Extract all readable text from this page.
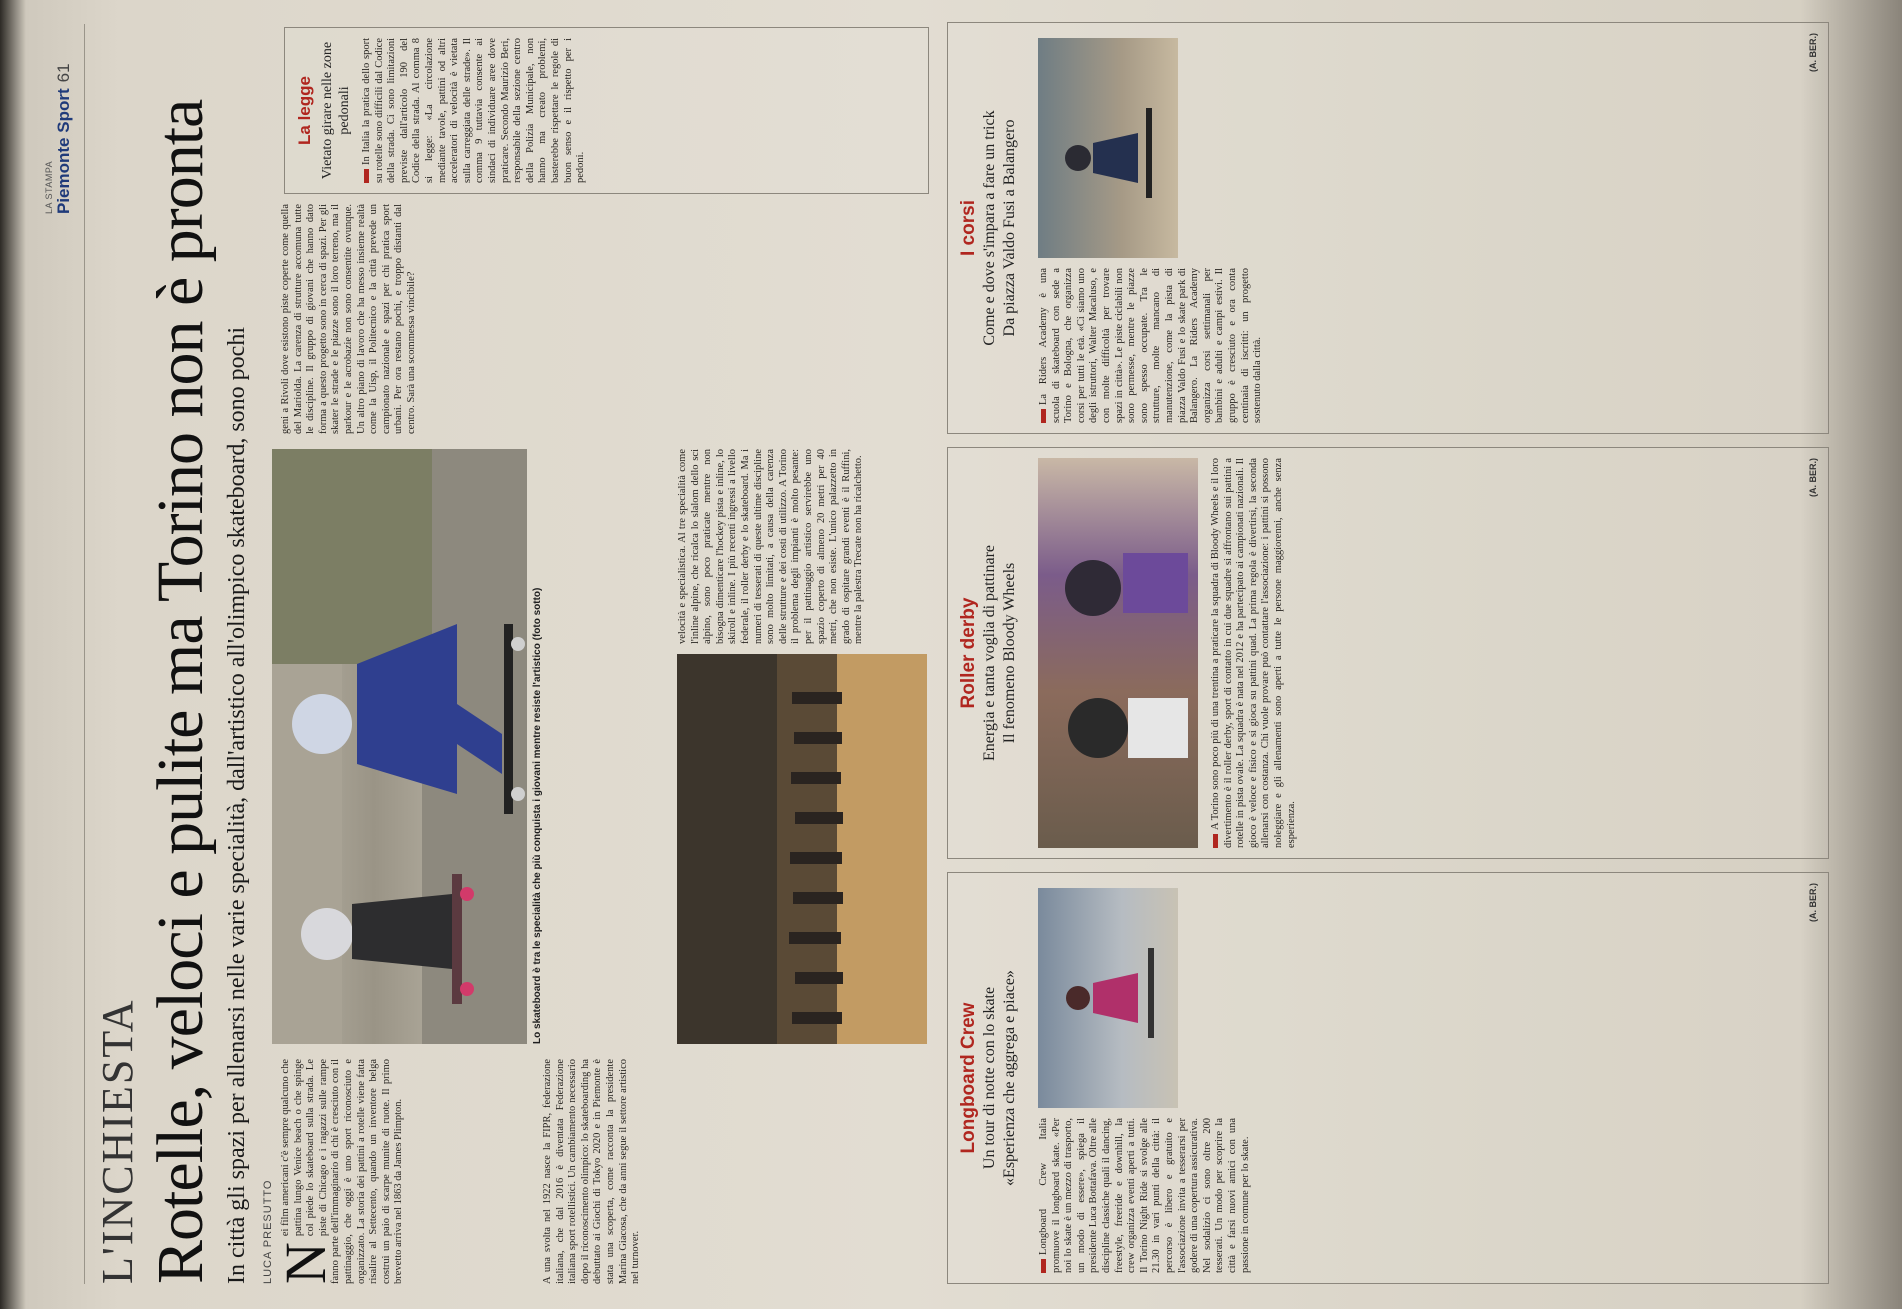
LA STAMPA Piemonte Sport61
L'INCHIESTA Rotelle, veloci e pulite ma Torino non è pronta In città gli spazi per allenarsi nelle varie specialità, dall'artistico all'olimpico skateboard, sono pochi LUCA PRESUTTO N
ei film americani c'è sempre qualcuno che pattina lungo Venice beach o che spinge col piede lo skateboard sulla strada. Le piste di Chicago e i ragazzi sulle rampe fanno parte dell'immaginario di chi è cresciuto con il pattinaggio, che oggi è uno sport riconosciuto e organizzato. La storia dei pattini a rotelle viene fatta risalire al Settecento, quando un inventore belga costruì un paio di scarpe munite di ruote. Il primo brevetto arriva nel 1863 da James Plimpton.	A una svolta nel 1922 nasce la FIPR, federazione italiana, che dal 2016 è diventata Federazione italiana sport rotellistici. Un cambiamento necessario dopo il riconoscimento olimpico: lo skateboarding ha debuttato ai Giochi di Tokyo 2020 e in Piemonte è stata una scoperta, come racconta la presidente Marina Giacosa, che da anni segue il settore artistico nel turnover.
Lo skateboard è tra le specialità che più conquista i giovani mentre resiste l'artistico (foto sotto)
velocità e specialistica. Al tre specialità come l'inline alpine, che ricalca lo slalom dello sci alpino, sono poco praticate mentre non bisogna dimenticare l'hockey pista e inline, lo skiroll e inline. I più recenti ingressi a livello federale, il roller derby e lo skateboard. Ma i numeri di tesserati di queste ultime discipline sono molto limitati, a causa della carenza delle strutture e dei costi di utilizzo. A Torino il problema degli impianti è molto pesante: per il pattinaggio artistico servirebbe uno spazio coperto di almeno 20 metri per 40 metri, che non esiste. L'unico palazzetto in grado di ospitare grandi eventi è il Ruffini, mentre la palestra Trecate non ha ricalchetto.
geni a Rivoli dove esistono piste coperte come quella del Mariolda. La carenza di strutture accomuna tutte le discipline. Il gruppo di giovani che hanno dato forma a questo progetto sono in cerca di spazi. Per gli skater le strade e le piazze sono il loro terreno, ma il parkour e le acrobazie non sono consentite ovunque. Un altro piano di lavoro che ha messo insieme realtà come la Uisp, il Politecnico e la città prevede un campionato nazionale e spazi per chi pratica sport urbani. Per ora restano pochi, e troppo distanti dal centro. Sarà una scommessa vincibile?
La legge Vietato girare nelle zone pedonali In Italia la pratica dello sport su rotelle sono difficili dal Codice della strada. Ci sono limitazioni previste dall'articolo 190 del Codice della strada. Al comma 8 si legge: «La circolazione mediante tavole, pattini od altri acceleratori di velocità è vietata sulla carreggiata delle strade». Il comma 9 tuttavia consente ai sindaci di individuare aree dove praticare. Secondo Maurizio Beri, responsabile della sezione centro della Polizia Municipale, non hanno ma creato problemi, basterebbe rispettare le regole di buon senso e il rispetto per i pedoni.
Longboard Crew Un tour di notte con lo skate «Esperienza che aggrega e piace»
Longboard Crew Italia promuove il longboard skate. «Per noi lo skate è un mezzo di trasporto, un modo di essere», spiega il presidente Luca Bottafava. Oltre alle discipline classiche quali il dancing, freestyle, freeride e downhill, la crew organizza eventi aperti a tutti. Il Torino Night Ride si svolge alle 21.30 in vari punti della città: il percorso è libero e gratuito e l'associazione invita a tesserarsi per godere di una copertura assicurativa. Nel sodalizio ci sono oltre 200 tesserati. Un modo per scoprire la città e farsi nuovi amici con una passione in comune per lo skate.
(A. BER.)
Roller derby Energia e tanta voglia di pattinare Il fenomeno Bloody Wheels	A Torino sono poco più di una trentina a praticare la squadra di Bloody Wheels e il loro divertimento è il roller derby, sport di contatto in cui due squadre si affrontano sui pattini a rotelle in pista ovale. La squadra è nata nel 2012 e ha partecipato ai campionati nazionali. Il gioco è veloce e fisico e si gioca su pattini quad. La prima regola è divertirsi, la seconda allenarsi con costanza. Chi vuole provare può contattare l'associazione: i pattini si possono noleggiare e gli allenamenti sono aperti a tutte le persone maggiorenni, anche senza esperienza.
(A. BER.)
I corsi Come e dove s'impara a fare un trick Da piazza Valdo Fusi a Balangero
La Riders Academy è una scuola di skateboard con sede a Torino e Bologna, che organizza corsi per tutti le età. «Ci siamo uno degli istruttori, Walter Macaluso, e con molte difficoltà per trovare spazi in città». Le piste ciclabili non sono permesse, mentre le piazze sono spesso occupate. Tra le strutture, molte mancano di manutenzione, come la pista di piazza Valdo Fusi e lo skate park di Balangero. La Riders Academy organizza corsi settimanali per bambini e adulti e campi estivi. Il gruppo è cresciuto e ora conta centinaia di iscritti: un progetto sostenuto dalla città.
(A. BER.)
